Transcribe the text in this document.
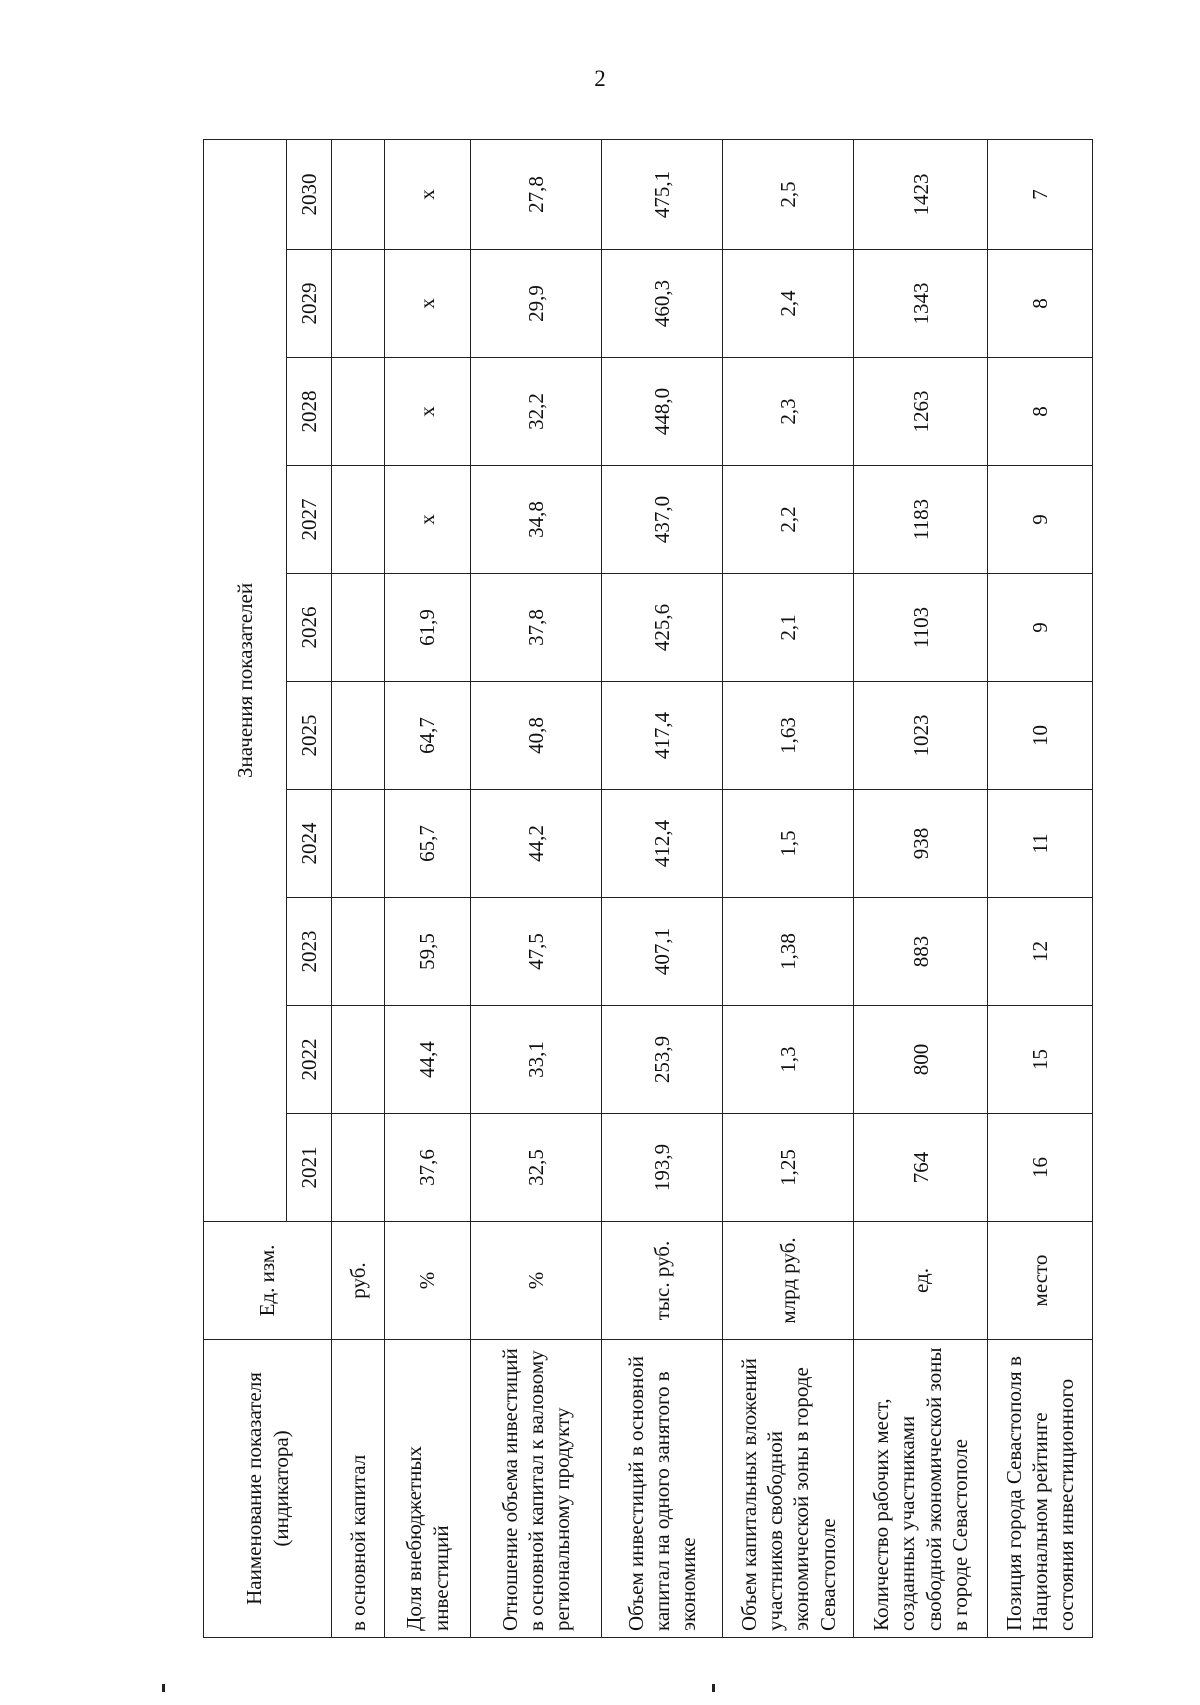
2
Наименование показателя (индикатора)	Ед. изм.	Значения показателей									
		2021	2022	2023	2024	2025	2026	2027	2028	2029	2030
в основной капитал	руб.										
Доля внебюджетных инвестиций	%	37,6	44,4	59,5	65,7	64,7	61,9	х	х	х	х
Отношение объема инвестиций в основной капитал к валовому региональному продукту	%	32,5	33,1	47,5	44,2	40,8	37,8	34,8	32,2	29,9	27,8
Объем инвестиций в основной капитал на одного занятого в экономике	тыс. руб.	193,9	253,9	407,1	412,4	417,4	425,6	437,0	448,0	460,3	475,1
Объем капитальных вложений участников свободной экономической зоны в городе Севастополе	млрд руб.	1,25	1,3	1,38	1,5	1,63	2,1	2,2	2,3	2,4	2,5
Количество рабочих мест, созданных участниками свободной экономической зоны в городе Севастополе	ед.	764	800	883	938	1023	1103	1183	1263	1343	1423
Позиция города Севастополя в Национальном рейтинге состояния инвестиционного	место	16	15	12	11	10	9	9	8	8	7
